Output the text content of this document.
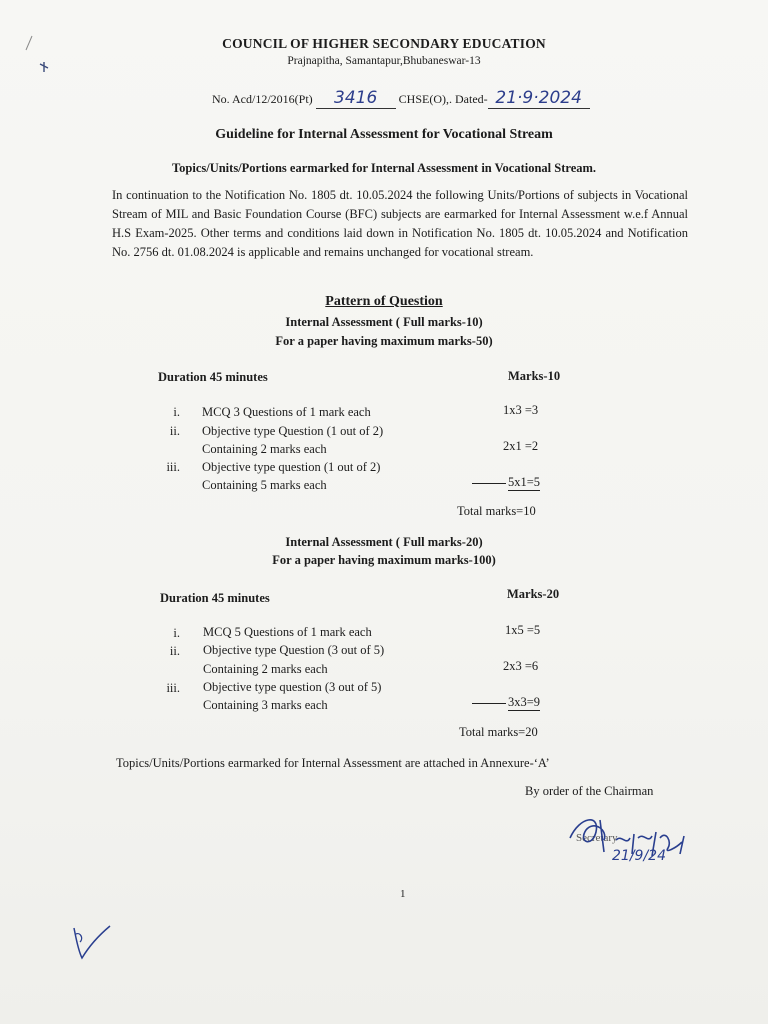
COUNCIL OF HIGHER SECONDARY EDUCATION
Prajnapitha, Samantapur,Bhubaneswar-13
No. Acd/12/2016(Pt) 3416 CHSE(O),. Dated- 21·9·2024
Guideline for Internal Assessment for Vocational Stream
Topics/Units/Portions earmarked for Internal Assessment in Vocational Stream.
In continuation to the Notification No. 1805 dt. 10.05.2024 the following Units/Portions of subjects in Vocational Stream of MIL and Basic Foundation Course (BFC) subjects are earmarked for Internal Assessment w.e.f Annual H.S Exam-2025. Other terms and conditions laid down in Notification No. 1805 dt. 10.05.2024 and Notification No. 2756 dt. 01.08.2024 is applicable and remains unchanged for vocational stream.
Pattern of Question
Internal Assessment ( Full marks-10)
For a paper having maximum marks-50)
Duration 45 minutes	Marks-10
i. MCQ 3 Questions of 1 mark each	1x3 =3
ii. Objective type Question (1 out of 2)
Containing 2 marks each	2x1 =2
iii. Objective type question (1 out of 2)
Containing 5 marks each	5x1=5
Total marks=10
Internal Assessment ( Full marks-20)
For a paper having maximum marks-100)
Duration 45 minutes	Marks-20
i. MCQ 5 Questions of 1 mark each	1x5 =5
ii. Objective type Question (3 out of 5)
Containing 2 marks each	2x3 =6
iii. Objective type question (3 out of 5)
Containing 3 marks each	3x3=9
Total marks=20
Topics/Units/Portions earmarked for Internal Assessment are attached in Annexure-‘A’
By order of the Chairman
Secretary
21/9/24
1
